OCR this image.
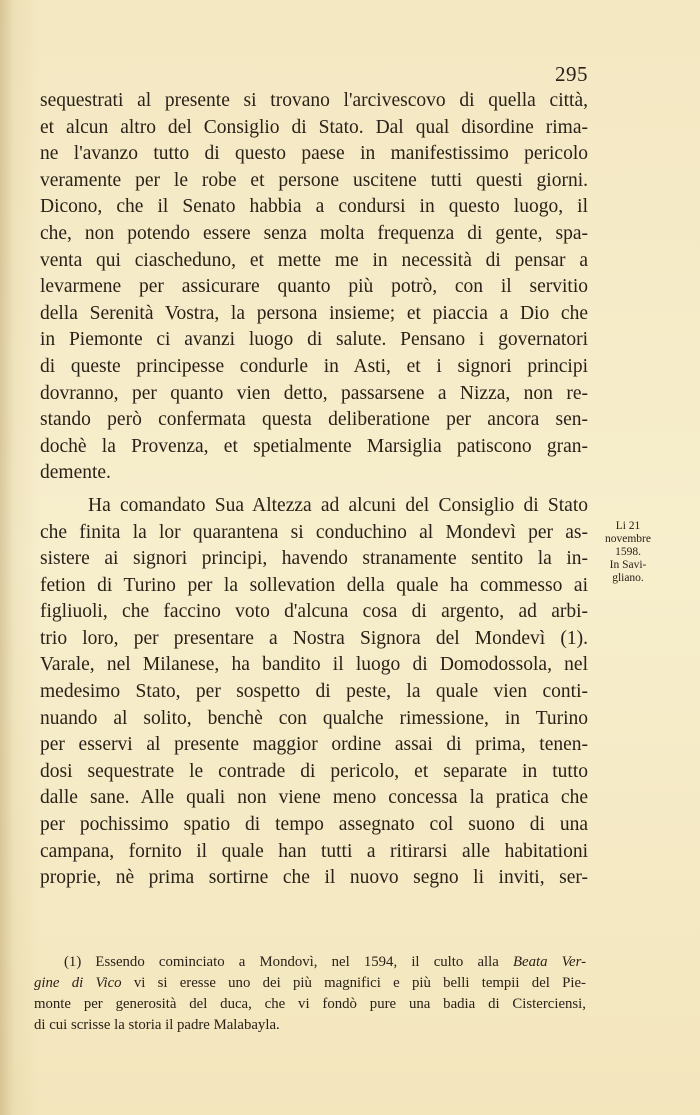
295
sequestrati al presente si trovano l'arcivescovo di quella città,
et alcun altro del Consiglio di Stato. Dal qual disordine rima-
ne l'avanzo tutto di questo paese in manifestissimo pericolo
veramente per le robe et persone uscitene tutti questi giorni.
Dicono, che il Senato habbia a condursi in questo luogo, il
che, non potendo essere senza molta frequenza di gente, spa-
venta qui ciascheduno, et mette me in necessità di pensar a
levarmene per assicurare quanto più potrò, con il servitio
della Serenità Vostra, la persona insieme; et piaccia a Dio che
in Piemonte ci avanzi luogo di salute. Pensano i governatori
di queste principesse condurle in Asti, et i signori principi
dovranno, per quanto vien detto, passarsene a Nizza, non re-
stando però confermata questa deliberatione per ancora sen-
dochè la Provenza, et spetialmente Marsiglia patiscono gran-
demente.
Ha comandato Sua Altezza ad alcuni del Consiglio di Stato
che finita la lor quarantena si conduchino al Mondevì per as-
sistere ai signori principi, havendo stranamente sentito la in-
fetion di Turino per la sollevation della quale ha commesso ai
figliuoli, che faccino voto d'alcuna cosa di argento, ad arbi-
trio loro, per presentare a Nostra Signora del Mondevì (1).
Varale, nel Milanese, ha bandito il luogo di Domodossola, nel
medesimo Stato, per sospetto di peste, la quale vien conti-
nuando al solito, benchè con qualche rimessione, in Turino
per esservi al presente maggior ordine assai di prima, tenen-
dosi sequestrate le contrade di pericolo, et separate in tutto
dalle sane. Alle quali non viene meno concessa la pratica che
per pochissimo spatio di tempo assegnato col suono di una
campana, fornito il quale han tutti a ritirarsi alle habitationi
proprie, nè prima sortirne che il nuovo segno li inviti, ser-
Li 21
novembre
1598.
In Savi-
gliano.
(1) Essendo cominciato a Mondovì, nel 1594, il culto alla Beata Ver-
gine di Vico vi si eresse uno dei più magnifici e più belli tempii del Pie-
monte per generosità del duca, che vi fondò pure una badia di Cisterciensi,
di cui scrisse la storia il padre Malabayla.
